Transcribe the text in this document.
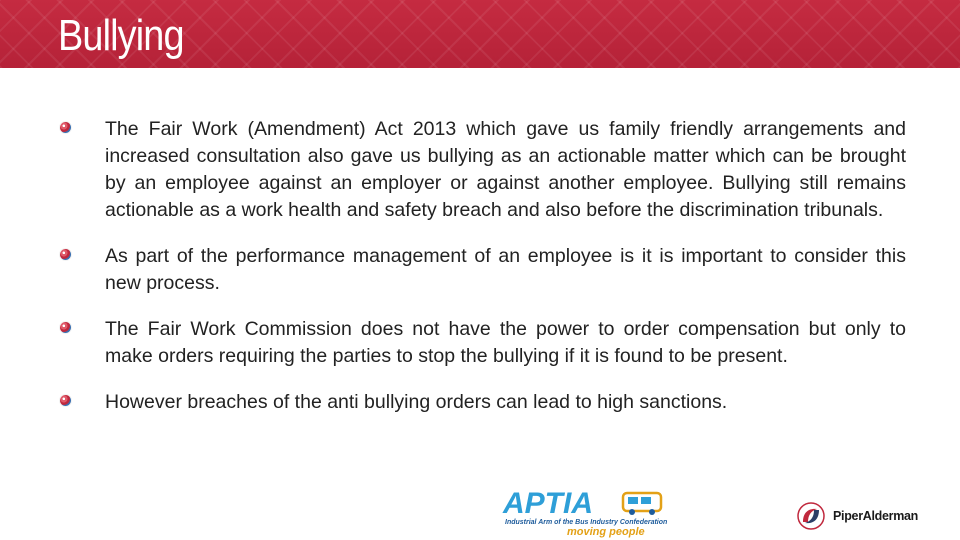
Bullying

The Fair Work (Amendment) Act 2013 which gave us family friendly arrangements and increased consultation also gave us bullying as an actionable matter which can be brought by an employee against an employer or against another employee. Bullying still remains actionable as a work health and safety breach and also before the discrimination tribunals.

As part of the performance management of an employee is it is important to consider this new process.

The Fair Work Commission does not have the power to order compensation but only to make orders requiring the parties to stop the bullying if it is found to be present.

However breaches of the anti bullying orders can lead to high sanctions.

APTIA

Industrial Arm of the Bus Industry Confederation

moving people

PiperAlderman
